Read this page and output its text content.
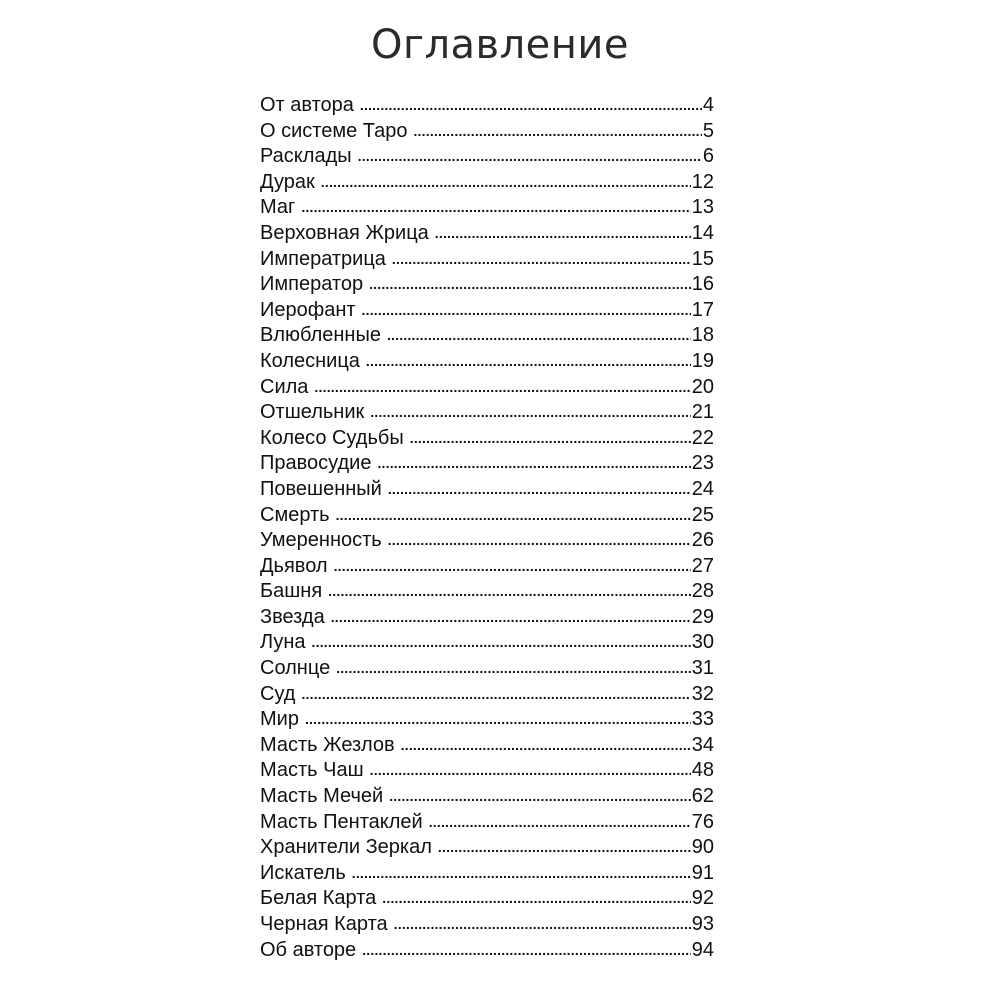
Оглавление
От автора .....	4
О системе Таро .....	5
Расклады .....	6
Дурак .....	12
Маг .....	13
Верховная Жрица .....	14
Императрица .....	15
Император .....	16
Иерофант .....	17
Влюбленные .....	18
Колесница .....	19
Сила .....	20
Отшельник .....	21
Колесо Судьбы .....	22
Правосудие .....	23
Повешенный .....	24
Смерть .....	25
Умеренность .....	26
Дьявол .....	27
Башня .....	28
Звезда .....	29
Луна .....	30
Солнце .....	31
Суд .....	32
Мир .....	33
Масть Жезлов .....	34
Масть Чаш .....	48
Масть Мечей .....	62
Масть Пентаклей .....	76
Хранители Зеркал .....	90
Искатель .....	91
Белая Карта .....	92
Черная Карта .....	93
Об авторе .....	94
